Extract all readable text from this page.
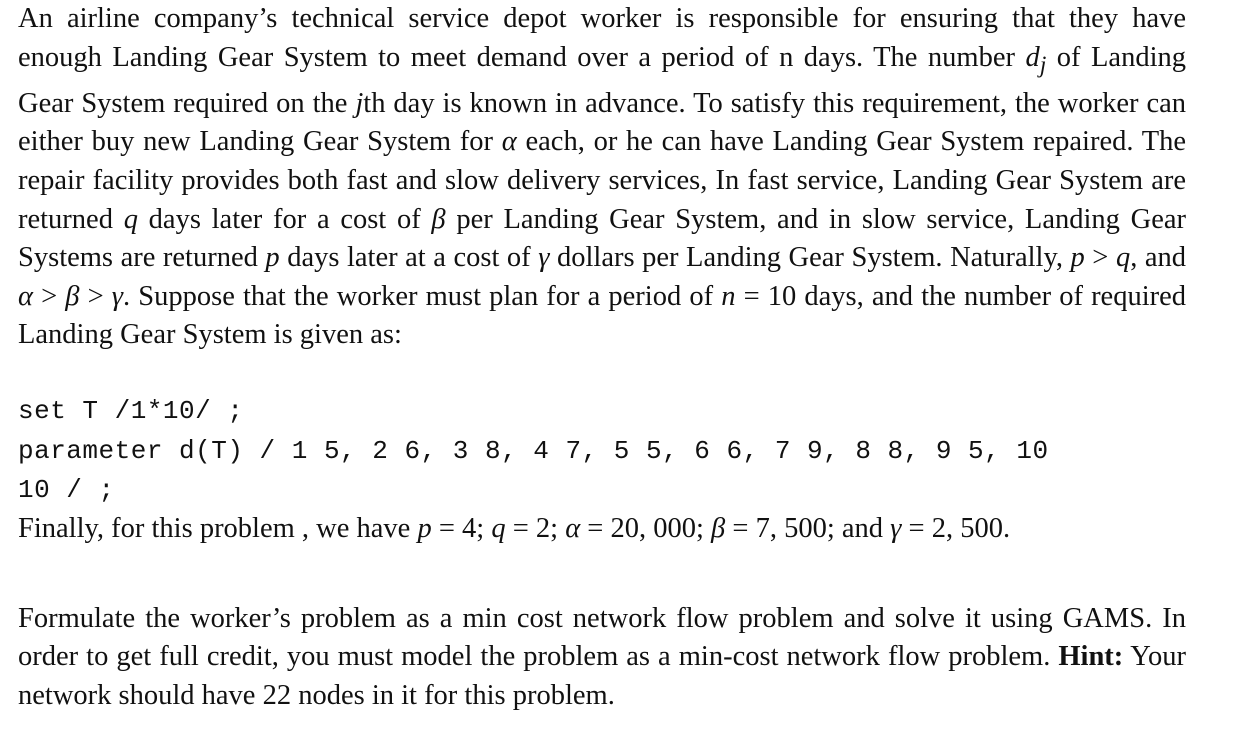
An airline company’s technical service depot worker is responsible for ensuring that they have enough Landing Gear System to meet demand over a period of n days. The number $d_j$ of Landing Gear System required on the jth day is known in advance. To satisfy this requirement, the worker can either buy new Landing Gear System for α each, or he can have Landing Gear System repaired. The repair facility provides both fast and slow delivery services, In fast service, Landing Gear System are returned q days later for a cost of β per Landing Gear System, and in slow service, Landing Gear Systems are returned p days later at a cost of γ dollars per Landing Gear System. Naturally, p > q, and α > β > γ. Suppose that the worker must plan for a period of n = 10 days, and the number of required Landing Gear System is given as:
set T /1*10/ ;
parameter d(T) / 1 5, 2 6, 3 8, 4 7, 5 5, 6 6, 7 9, 8 8, 9 5, 10
10 / ;
Finally, for this problem , we have p = 4; q = 2; α = 20, 000; β = 7, 500; and γ = 2, 500.
Formulate the worker’s problem as a min cost network flow problem and solve it using GAMS. In order to get full credit, you must model the problem as a min-cost network flow problem. Hint: Your network should have 22 nodes in it for this problem.
